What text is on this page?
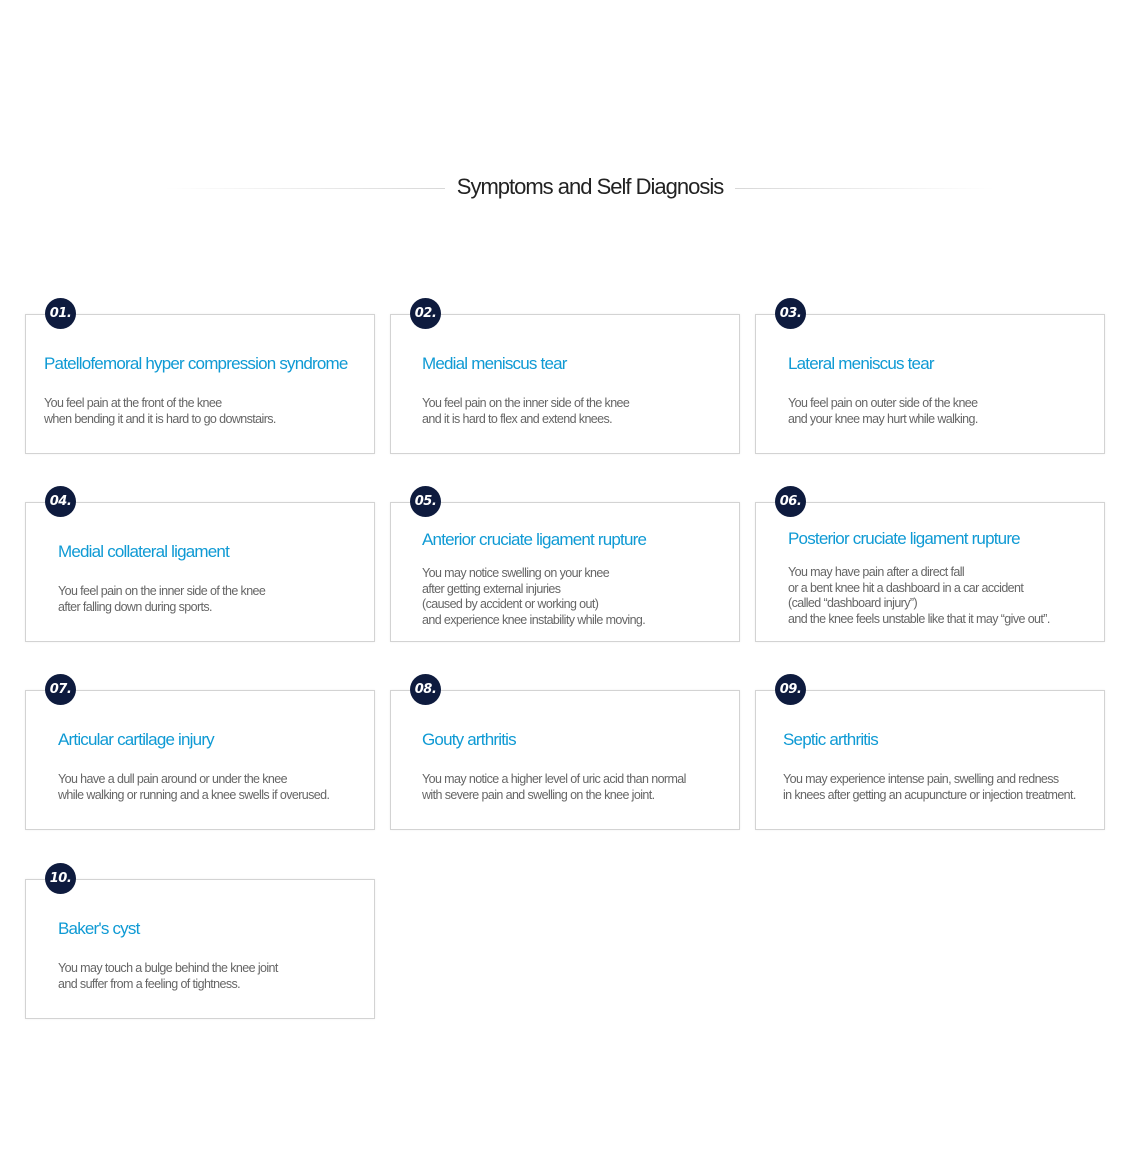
Symptoms and Self Diagnosis
01.
Patellofemoral hyper compression syndrome

You feel pain at the front of the knee
when bending it and it is hard to go downstairs.

02.
Medial meniscus tear

You feel pain on the inner side of the knee
and it is hard to flex and extend knees.

03.
Lateral meniscus tear

You feel pain on outer side of the knee
and your knee may hurt while walking.

04.
Medial collateral ligament

You feel pain on the inner side of the knee
after falling down during sports.

05.
Anterior cruciate ligament rupture

You may notice swelling on your knee
after getting external injuries
(caused by accident or working out)
and experience knee instability while moving.

06.
Posterior cruciate ligament rupture

You may have pain after a direct fall
or a bent knee hit a dashboard in a car accident
(called “dashboard injury”)
and the knee feels unstable like that it may “give out”.

07.
Articular cartilage injury

You have a dull pain around or under the knee
while walking or running and a knee swells if overused.

08.
Gouty arthritis

You may notice a higher level of uric acid than normal
with severe pain and swelling on the knee joint.

09.
Septic arthritis

You may experience intense pain, swelling and redness
in knees after getting an acupuncture or injection treatment.

10.
Baker's cyst

You may touch a bulge behind the knee joint
and suffer from a feeling of tightness.
